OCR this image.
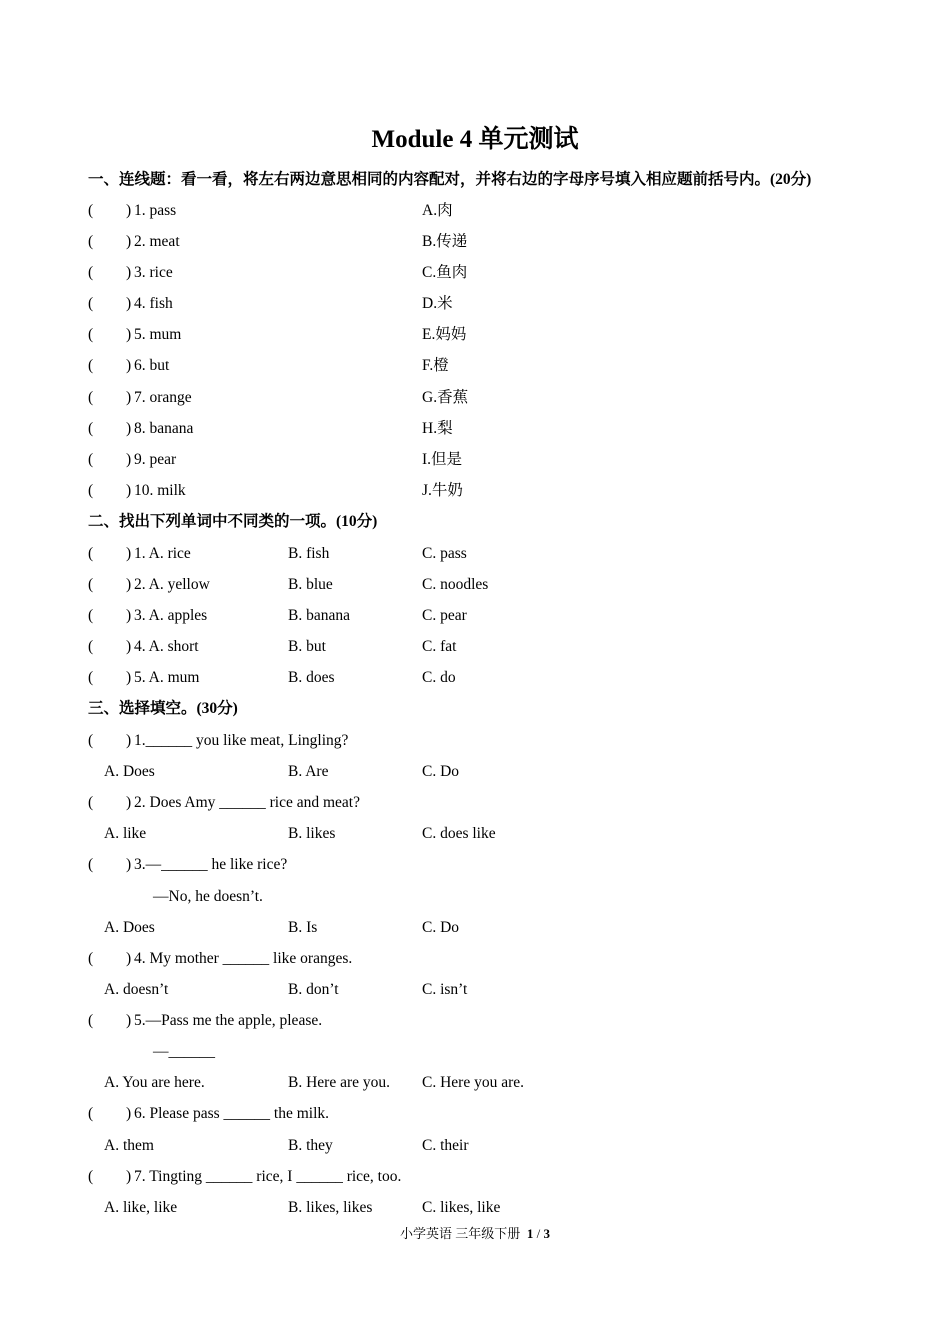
Module 4 单元测试
一、连线题：看一看，将左右两边意思相同的内容配对，并将右边的字母序号填入相应题前括号内。(20分)
( ) 1. pass	A.肉
( ) 2. meat	B.传递
( ) 3. rice	C.鱼肉
( ) 4. fish	D.米
( ) 5. mum	E.妈妈
( ) 6. but	F.橙
( ) 7. orange	G.香蕉
( ) 8. banana	H.梨
( ) 9. pear	I.但是
( ) 10. milk	J.牛奶
二、找出下列单词中不同类的一项。(10分)
( ) 1. A. rice	B. fish	C. pass
( ) 2. A. yellow	B. blue	C. noodles
( ) 3. A. apples	B. banana	C. pear
( ) 4. A. short	B. but	C. fat
( ) 5. A. mum	B. does	C. do
三、选择填空。(30分)
( ) 1.______ you like meat, Lingling?
A. Does	B. Are	C. Do
( ) 2. Does Amy ______ rice and meat?
A. like	B. likes	C. does like
( ) 3.—______ he like rice?
—No, he doesn’t.
A. Does	B. Is	C. Do
( ) 4. My mother ______ like oranges.
A. doesn’t	B. don’t	C. isn’t
( ) 5.—Pass me the apple, please.
—______
A. You are here.	B. Here are you. C. Here you are.
( ) 6. Please pass ______ the milk.
A. them	B. they	C. their
( ) 7. Tingting ______ rice, I ______ rice, too.
A. like, like	B. likes, likes	C. likes, like
小学英语 三年级下册 1 / 3
